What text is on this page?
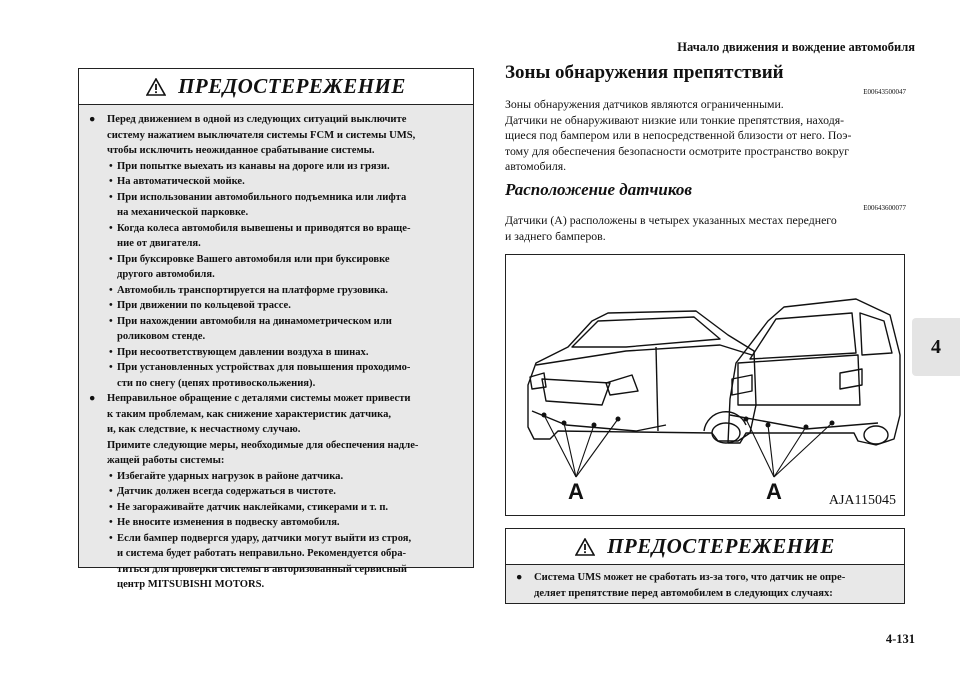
Начало движения и вождение автомобиля
4
4-131
ПРЕДОСТЕРЕЖЕНИЕ
● Перед движением в одной из следующих ситуаций выключите
систему нажатием выключателя системы FCM и системы UMS,
чтобы исключить неожиданное срабатывание системы.
• При попытке выехать из канавы на дороге или из грязи.
• На автоматической мойке.
• При использовании автомобильного подъемника или лифта
на механической парковке.
• Когда колеса автомобиля вывешены и приводятся во враще-
ние от двигателя.
• При буксировке Вашего автомобиля или при буксировке
другого автомобиля.
• Автомобиль транспортируется на платформе грузовика.
• При движении по кольцевой трассе.
• При нахождении автомобиля на динамометрическом или
роликовом стенде.
• При несоответствующем давлении воздуха в шинах.
• При установленных устройствах для повышения проходимо-
сти по снегу (цепях противоскольжения).
● Неправильное обращение с деталями системы может привести
к таким проблемам, как снижение характеристик датчика,
и, как следствие, к несчастному случаю.
Примите следующие меры, необходимые для обеспечения надле-
жащей работы системы:
• Избегайте ударных нагрузок в районе датчика.
• Датчик должен всегда содержаться в чистоте.
• Не загораживайте датчик наклейками, стикерами и т. п.
• Не вносите изменения в подвеску автомобиля.
• Если бампер подвергся удару, датчики могут выйти из строя,
и система будет работать неправильно. Рекомендуется обра-
титься для проверки системы в авторизованный сервисный
центр MITSUBISHI MOTORS.
Зоны обнаружения препятствий
E00643500047
Зоны обнаружения датчиков являются ограниченными.
Датчики не обнаруживают низкие или тонкие препятствия, находя-
щиеся под бампером или в непосредственной близости от него. Поэ-
тому для обеспечения безопасности осмотрите пространство вокруг
автомобиля.
Расположение датчиков
E00643600077
Датчики (A) расположены в четырех указанных местах переднего
и заднего бамперов.
A	A	AJA115045
ПРЕДОСТЕРЕЖЕНИЕ
● Система UMS может не сработать из-за того, что датчик не опре-
деляет препятствие перед автомобилем в следующих случаях:
